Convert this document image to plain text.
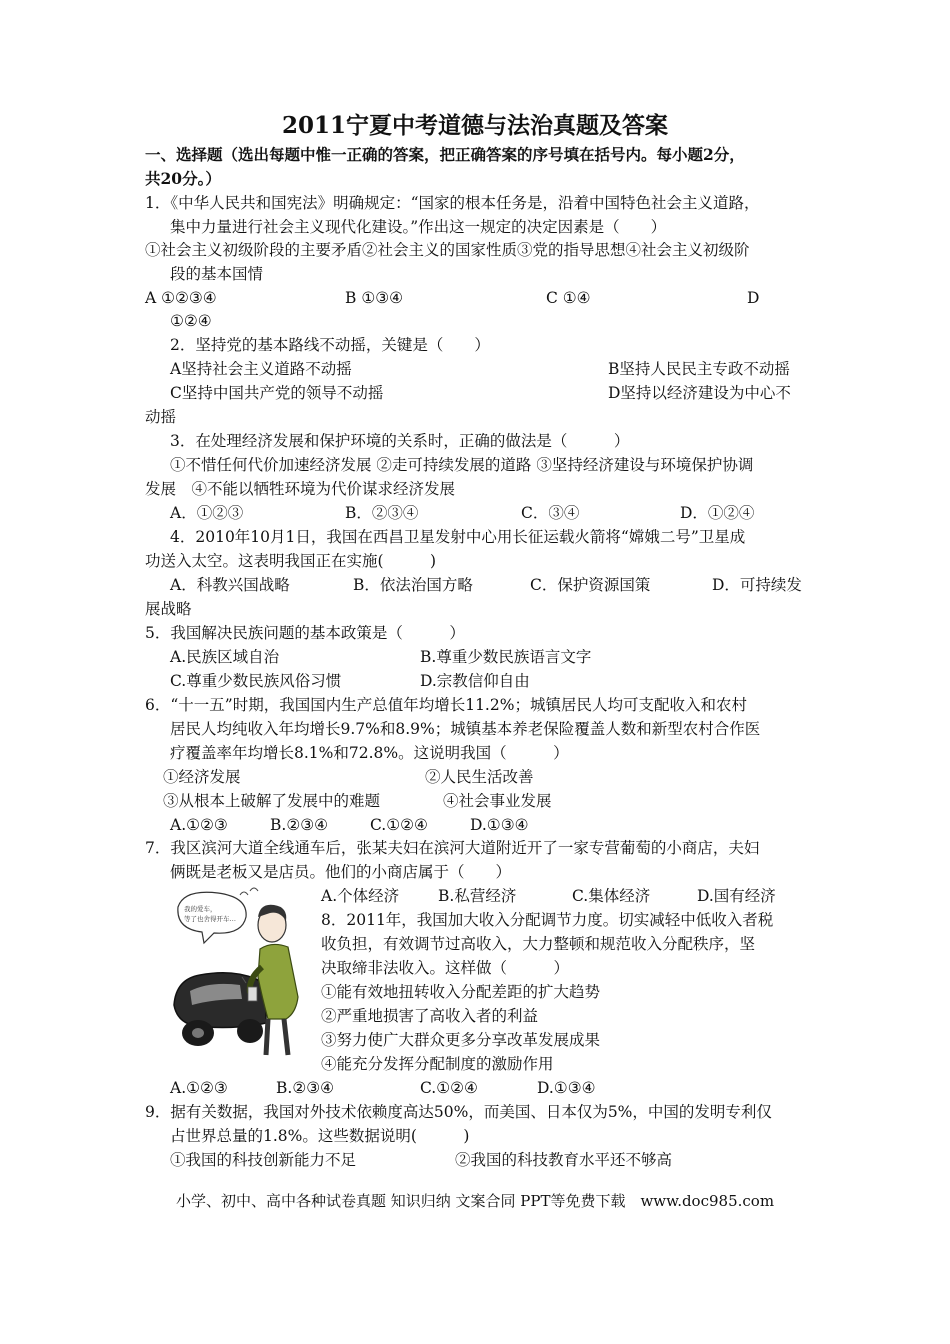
2011宁夏中考道德与法治真题及答案
一、选择题（选出每题中惟一正确的答案，把正确答案的序号填在括号内。每小题2分，
共20分。）
1．《中华人民共和国宪法》明确规定：“国家的根本任务是，沿着中国特色社会主义道路，
集中力量进行社会主义现代化建设。”作出这一规定的决定因素是（　　）
①社会主义初级阶段的主要矛盾②社会主义的国家性质③党的指导思想④社会主义初级阶
段的基本国情
A ①②③④	B ①③④	C ①④	D
①②④
2．坚持党的基本路线不动摇，关键是（　　）
A坚持社会主义道路不动摇	B坚持人民民主专政不动摇
C坚持中国共产党的领导不动摇	D坚持以经济建设为中心不
动摇
3．在处理经济发展和保护环境的关系时，正确的做法是（　　　）
①不惜任何代价加速经济发展 ②走可持续发展的道路 ③坚持经济建设与环境保护协调
发展　④不能以牺牲环境为代价谋求经济发展
A．①②③	B．②③④	C．③④	D．①②④
4．2010年10月1日，我国在西昌卫星发射中心用长征运载火箭将“嫦娥二号”卫星成
功送入太空。这表明我国正在实施(　　　)
A．科教兴国战略	B．依法治国方略	C．保护资源国策	D．可持续发
展战略
5．我国解决民族问题的基本政策是（　　　）
A.民族区域自治	B.尊重少数民族语言文字
C.尊重少数民族风俗习惯	D.宗教信仰自由
6．“十一五”时期，我国国内生产总值年均增长11.2%；城镇居民人均可支配收入和农村
居民人均纯收入年均增长9.7%和8.9%；城镇基本养老保险覆盖人数和新型农村合作医
疗覆盖率年均增长8.1%和72.8%。这说明我国（　　　）
①经济发展	②人民生活改善
③从根本上破解了发展中的难题	④社会事业发展
A.①②③	B.②③④	C.①②④	D.①③④
7．我区滨河大道全线通车后，张某夫妇在滨河大道附近开了一家专营葡萄的小商店，夫妇
俩既是老板又是店员。他们的小商店属于（　　）
A.个体经济	B.私营经济	C.集体经济	D.国有经济
我的爱车，
等了也舍得开车…	8．2011年，我国加大收入分配调节力度。切实减轻中低收入者税
收负担，有效调节过高收入，大力整顿和规范收入分配秩序，坚
决取缔非法收入。这样做（　　　）
①能有效地扭转收入分配差距的扩大趋势
②严重地损害了高收入者的利益
③努力使广大群众更多分享改革发展成果
④能充分发挥分配制度的激励作用
A.①②③	B.②③④	C.①②④	D.①③④
9．据有关数据，我国对外技术依赖度高达50%，而美国、日本仅为5%，中国的发明专利仅
占世界总量的1.8%。这些数据说明(　　　)
①我国的科技创新能力不足	②我国的科技教育水平还不够高
小学、初中、高中各种试卷真题 知识归纳 文案合同 PPT等免费下载　www.doc985.com
